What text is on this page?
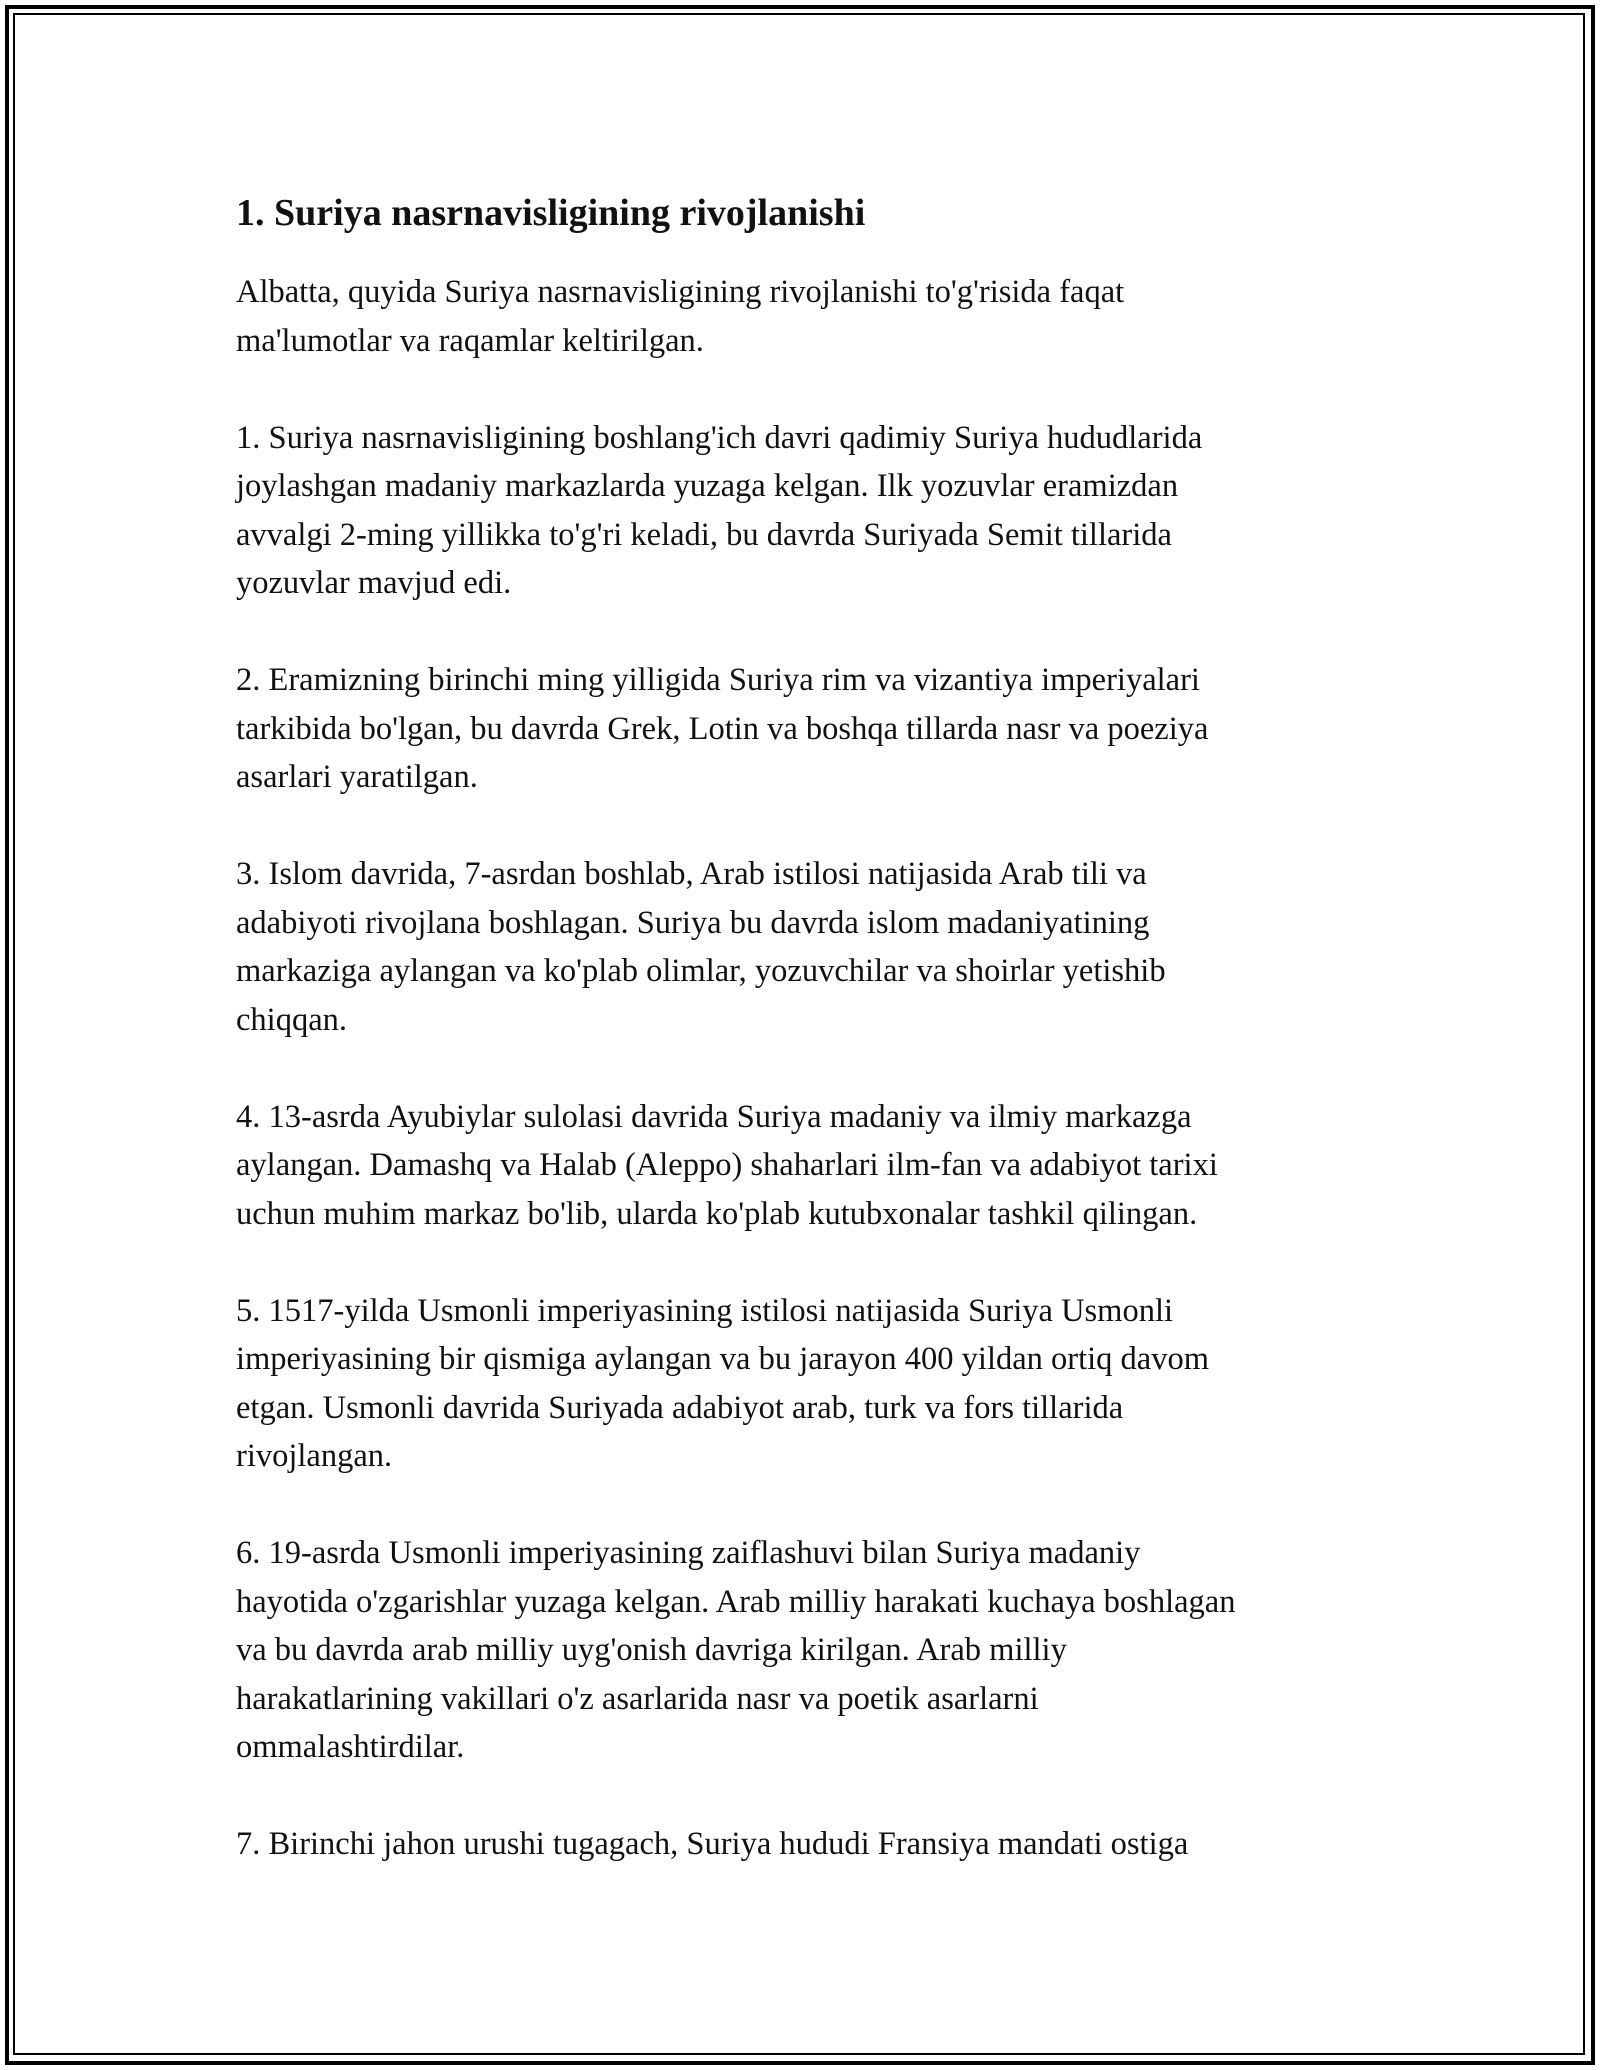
1. Suriya nasrnavisligining rivojlanishi

Albatta, quyida Suriya nasrnavisligining rivojlanishi to'g'risida faqat
ma'lumotlar va raqamlar keltirilgan.

1. Suriya nasrnavisligining boshlang'ich davri qadimiy Suriya hududlarida
joylashgan madaniy markazlarda yuzaga kelgan. Ilk yozuvlar eramizdan
avvalgi 2-ming yillikka to'g'ri keladi, bu davrda Suriyada Semit tillarida
yozuvlar mavjud edi.

2. Eramizning birinchi ming yilligida Suriya rim va vizantiya imperiyalari
tarkibida bo'lgan, bu davrda Grek, Lotin va boshqa tillarda nasr va poeziya
asarlari yaratilgan.

3. Islom davrida, 7-asrdan boshlab, Arab istilosi natijasida Arab tili va
adabiyoti rivojlana boshlagan. Suriya bu davrda islom madaniyatining
markaziga aylangan va ko'plab olimlar, yozuvchilar va shoirlar yetishib
chiqqan.

4. 13-asrda Ayubiylar sulolasi davrida Suriya madaniy va ilmiy markazga
aylangan. Damashq va Halab (Aleppo) shaharlari ilm-fan va adabiyot tarixi
uchun muhim markaz bo'lib, ularda ko'plab kutubxonalar tashkil qilingan.

5. 1517-yilda Usmonli imperiyasining istilosi natijasida Suriya Usmonli
imperiyasining bir qismiga aylangan va bu jarayon 400 yildan ortiq davom
etgan. Usmonli davrida Suriyada adabiyot arab, turk va fors tillarida
rivojlangan.

6. 19-asrda Usmonli imperiyasining zaiflashuvi bilan Suriya madaniy
hayotida o'zgarishlar yuzaga kelgan. Arab milliy harakati kuchaya boshlagan
va bu davrda arab milliy uyg'onish davriga kirilgan. Arab milliy
harakatlarining vakillari o'z asarlarida nasr va poetik asarlarni
ommalashtirdilar.

7. Birinchi jahon urushi tugagach, Suriya hududi Fransiya mandati ostiga
